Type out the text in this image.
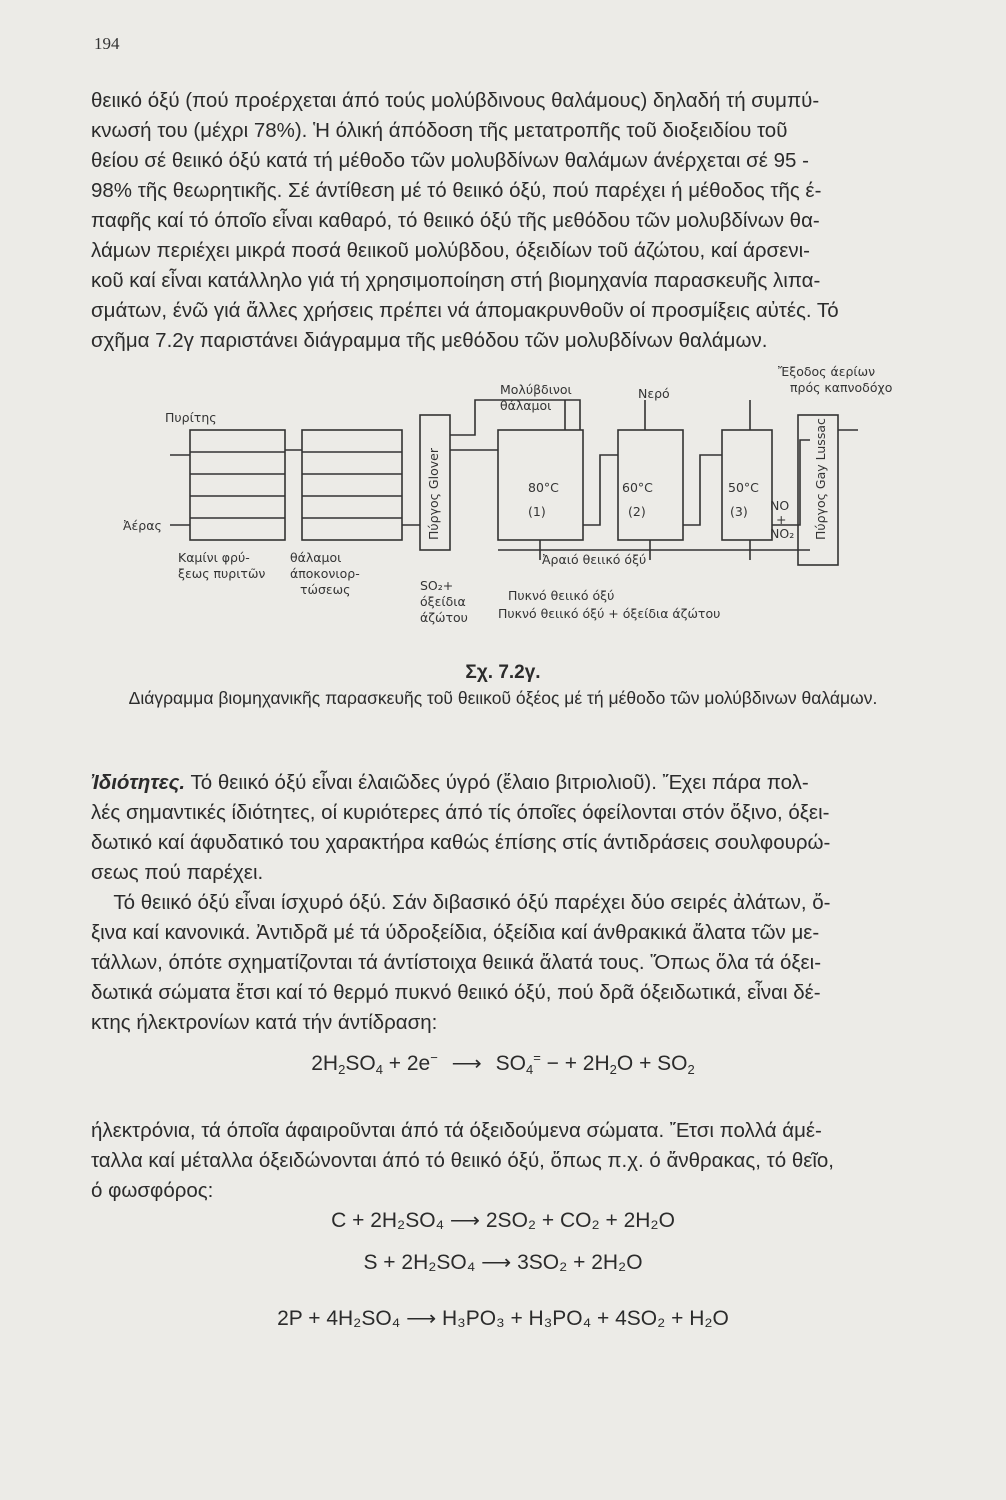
194
θειικό όξύ (πού προέρχεται άπό τούς μολύβδινους θαλάμους) δηλαδή τή συμπύ-
κνωσή του (μέχρι 78%). Ἡ όλική άπόδοση τῆς μετατροπῆς τοῦ διοξειδίου τοῦ
θείου σέ θειικό όξύ κατά τή μέθοδο τῶν μολυβδίνων θαλάμων άνέρχεται σέ 95 -
98% τῆς θεωρητικῆς. Σέ άντίθεση μέ τό θειικό όξύ, πού παρέχει ή μέθοδος τῆς έ-
παφῆς καί τό όποῖο εἶναι καθαρό, τό θειικό όξύ τῆς μεθόδου τῶν μολυβδίνων θα-
λάμων περιέχει μικρά ποσά θειικοῦ μολύβδου, όξειδίων τοῦ άζώτου, καί άρσενι-
κοῦ καί εἶναι κατάλληλο γιά τή χρησιμοποίηση στή βιομηχανία παρασκευῆς λιπα-
σμάτων, ένῶ γιά ἄλλες χρήσεις πρέπει νά άπομακρυνθοῦν οί προσμίξεις αὐτές. Τό
σχῆμα 7.2γ παριστάνει διάγραμμα τῆς μεθόδου τῶν μολυβδίνων θαλάμων.
Πυρίτης
Ἀέρας
Καμίνι φρύ-
ξεως πυριτῶν
θάλαμοι
άποκονιορ-
τώσεως
Πύργος Glover
SO₂+
όξείδια
άζώτου
Μολύβδινοι
θάλαμοι
Νερό
Ἔξοδος άερίων
πρός καπνοδόχο
80°C
(1)
60°C
(2)
50°C
(3) NO
+
NO₂ Πύργος Gay Lussac
Ἀραιό θειικό όξύ
Πυκνό θειικό όξύ
Πυκνό θειικό όξύ + όξείδια άζώτου
Σχ. 7.2γ.
Διάγραμμα βιομηχανικῆς παρασκευῆς τοῦ θειικοῦ όξέος μέ τή μέθοδο τῶν μολύβδινων θαλάμων.
Ἰδιότητες. Τό θειικό όξύ εἶναι έλαιῶδες ύγρό (ἔλαιο βιτριολιοῦ). Ἔχει πάρα πολ-
λές σημαντικές ίδιότητες, οί κυριότερες άπό τίς όποῖες όφείλονται στόν ὄξινο, όξει-
δωτικό καί άφυδατικό του χαρακτήρα καθώς έπίσης στίς άντιδράσεις σουλφουρώ-
σεως πού παρέχει.
Τό θειικό όξύ εἶναι ίσχυρό όξύ. Σάν διβασικό όξύ παρέχει δύο σειρές ἀλάτων, ὄ-
ξινα καί κανονικά. Ἀντιδρᾶ μέ τά ύδροξείδια, όξείδια καί άνθρακικά ἄλατα τῶν με-
τάλλων, όπότε σχηματίζονται τά άντίστοιχα θειικά ἄλατά τους. Ὅπως ὅλα τά όξει-
δωτικά σώματα ἔτσι καί τό θερμό πυκνό θειικό όξύ, πού δρᾶ όξειδωτικά, εἶναι δέ-
κτης ήλεκτρονίων κατά τήν άντίδραση:
$2H_2SO_4 + 2e^-$ ⟶ $SO_4^=$ − + $2H_2O + SO_2$
ήλεκτρόνια, τά όποῖα άφαιροῦνται άπό τά όξειδούμενα σώματα. Ἔτσι πολλά άμέ-
ταλλα καί μέταλλα όξειδώνονται άπό τό θειικό όξύ, ὅπως π.χ. ό ἄνθρακας, τό θεῖο,
ό φωσφόρος:
C + 2H₂SO₄ ⟶ 2SO₂ + CO₂ + 2H₂O
S + 2H₂SO₄ ⟶ 3SO₂ + 2H₂O
2P + 4H₂SO₄ ⟶ H₃PO₃ + H₃PO₄ + 4SO₂ + H₂O
